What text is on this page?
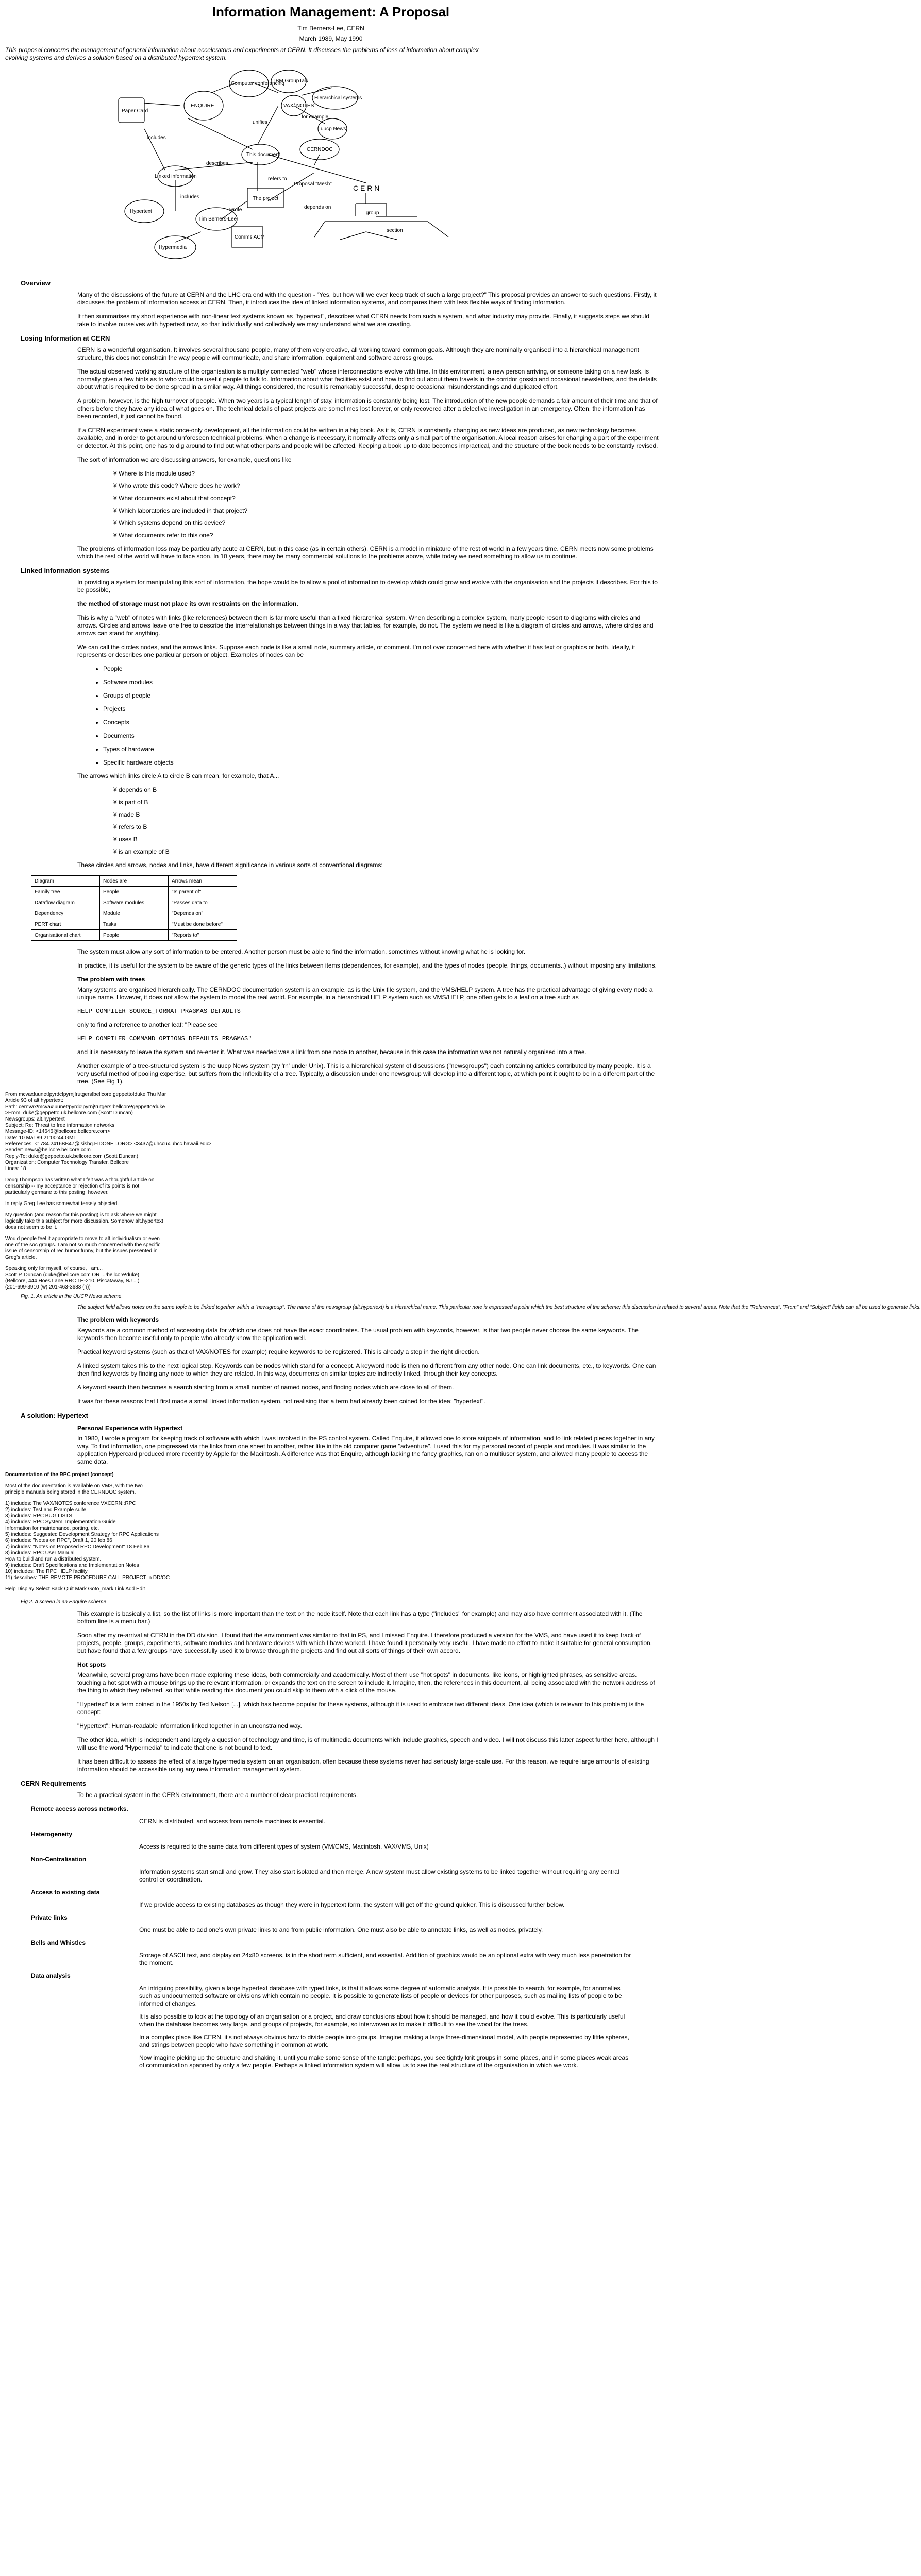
Information Management: A Proposal
Tim Berners-Lee, CERN
March 1989, May 1990
This proposal concerns the management of general information about accelerators and experiments at CERN. It discusses the problems of loss of information about complex
evolving systems and derives a solution based on a distributed hypertext system.
Paper Card
ENQUIRE
Computer conferencing
IBM GroupTalk
Hierarchical systems
VAX/ NOTES
uucp News
This document
Linked information
Hypertext
Tim Berners-Lee
Hypermedia
CERNDOC
The project
Comms ACM
Proposal "Mesh"	C E R N
group
section
unifies
includes
for example
describes
wrote
refers to
depends on
includes
Overview

Many of the discussions of the future at CERN and the LHC era end with the question - "Yes, but how will we ever keep track of such a large project?" This proposal provides an answer to such questions. Firstly, it discusses the problem of information access at CERN. Then, it introduces the idea of linked information systems, and compares them with less flexible ways of finding information.

It then summarises my short experience with non-linear text systems known as "hypertext", describes what CERN needs from such a system, and what industry may provide. Finally, it suggests steps we should take to involve ourselves with hypertext now, so that individually and collectively we may understand what we are creating.

Losing Information at CERN

CERN is a wonderful organisation. It involves several thousand people, many of them very creative, all working toward common goals. Although they are nominally organised into a hierarchical management structure, this does not constrain the way people will communicate, and share information, equipment and software across groups.

The actual observed working structure of the organisation is a multiply connected "web" whose interconnections evolve with time. In this environment, a new person arriving, or someone taking on a new task, is normally given a few hints as to who would be useful people to talk to. Information about what facilities exist and how to find out about them travels in the corridor gossip and occasional newsletters, and the details about what is required to be done spread in a similar way. All things considered, the result is remarkably successful, despite occasional misunderstandings and duplicated effort.

A problem, however, is the high turnover of people. When two years is a typical length of stay, information is constantly being lost. The introduction of the new people demands a fair amount of their time and that of others before they have any idea of what goes on. The technical details of past projects are sometimes lost forever, or only recovered after a detective investigation in an emergency. Often, the information has been recorded, it just cannot be found.

If a CERN experiment were a static once-only development, all the information could be written in a big book. As it is, CERN is constantly changing as new ideas are produced, as new technology becomes available, and in order to get around unforeseen technical problems. When a change is necessary, it normally affects only a small part of the organisation. A local reason arises for changing a part of the experiment or detector. At this point, one has to dig around to find out what other parts and people will be affected. Keeping a book up to date becomes impractical, and the structure of the book needs to be constantly revised.

The sort of information we are discussing answers, for example, questions like

¥ Where is this module used?
¥ Who wrote this code? Where does he work?
¥ What documents exist about that concept?
¥ Which laboratories are included in that project?
¥ Which systems depend on this device?
¥ What documents refer to this one?

The problems of information loss may be particularly acute at CERN, but in this case (as in certain others), CERN is a model in miniature of the rest of world in a few years time. CERN meets now some problems which the rest of the world will have to face soon. In 10 years, there may be many commercial solutions to the problems above, while today we need something to allow us to continue.

Linked information systems

In providing a system for manipulating this sort of information, the hope would be to allow a pool of information to develop which could grow and evolve with the organisation and the projects it describes. For this to be possible,

the method of storage must not place its own restraints on the information.

This is why a "web" of notes with links (like references) between them is far more useful than a fixed hierarchical system. When describing a complex system, many people resort to diagrams with circles and arrows. Circles and arrows leave one free to describe the interrelationships between things in a way that tables, for example, do not. The system we need is like a diagram of circles and arrows, where circles and arrows can stand for anything.

We can call the circles nodes, and the arrows links. Suppose each node is like a small note, summary article, or comment. I'm not over concerned here with whether it has text or graphics or both. Ideally, it represents or describes one particular person or object. Examples of nodes can be

• People
• Software modules
• Groups of people
• Projects
• Concepts
• Documents
• Types of hardware
• Specific hardware objects

The arrows which links circle A to circle B can mean, for example, that A...

¥ depends on B
¥ is part of B
¥ made B
¥ refers to B
¥ uses B
¥ is an example of B

These circles and arrows, nodes and links, have different significance in various sorts of conventional diagrams:

Diagram	Nodes are	Arrows mean
Family tree	People	"Is parent of"
Dataflow diagram	Software modules	"Passes data to"
Dependency	Module	"Depends on"
PERT chart	Tasks	"Must be done before"
Organisational chart	People	"Reports to"

The system must allow any sort of information to be entered. Another person must be able to find the information, sometimes without knowing what he is looking for.

In practice, it is useful for the system to be aware of the generic types of the links between items (dependences, for example), and the types of nodes (people, things, documents..) without imposing any limitations.

The problem with trees

Many systems are organised hierarchically. The CERNDOC documentation system is an example, as is the Unix file system, and the VMS/HELP system. A tree has the practical advantage of giving every node a unique name. However, it does not allow the system to model the real world. For example, in a hierarchical HELP system such as VMS/HELP, one often gets to a leaf on a tree such as

HELP COMPILER SOURCE_FORMAT PRAGMAS DEFAULTS

only to find a reference to another leaf: "Please see

HELP COMPILER COMMAND OPTIONS DEFAULTS PRAGMAS"

and it is necessary to leave the system and re-enter it. What was needed was a link from one node to another, because in this case the information was not naturally organised into a tree.

Another example of a tree-structured system is the uucp News system (try 'rn' under Unix). This is a hierarchical system of discussions ("newsgroups") each containing articles contributed by many people. It is a very useful method of pooling expertise, but suffers from the inflexibility of a tree. Typically, a discussion under one newsgroup will develop into a different topic, at which point it ought to be in a different part of the tree. (See Fig 1).

From mcvax!uunet!pyrdc!pyrnj!rutgers!bellcore!geppetto!duke Thu Mar
Article 93 of alt.hypertext:
Path: cernvax!mcvax!uunet!pyrdc!pyrnj!rutgers!bellcore!geppetto!duke
>From: duke@geppetto.uk.bellcore.com (Scott Duncan)
Newsgroups: alt.hypertext
Subject: Re: Threat to free information networks
Message-ID: <14646@bellcore.bellcore.com>
Date: 10 Mar 89 21:00:44 GMT
References: <1784.2416BB47@isishq.FIDONET.ORG> <3437@uhccux.uhcc.hawaii.edu>
Sender: news@bellcore.bellcore.com
Reply-To: duke@geppetto.uk.bellcore.com (Scott Duncan)
Organization: Computer Technology Transfer, Bellcore
Lines: 18
Doug Thompson has written what I felt was a thoughtful article on
censorship -- my acceptance or rejection of its points is not
particularly germane to this posting, however.
In reply Greg Lee has somewhat tersely objected.
My question (and reason for this posting) is to ask where we might
logically take this subject for more discussion. Somehow alt.hypertext
does not seem to be it.
Would people feel it appropriate to move to alt.individualism or even
one of the soc groups. I am not so much concerned with the specific
issue of censorship of rec.humor.funny, but the issues presented in
Greg's article.
Speaking only for myself, of course, I am...
Scott P. Duncan (duke@bellcore.com OR ...!bellcore!duke)
(Bellcore, 444 Hoes Lane RRC 1H-210, Piscataway, NJ ...)
(201-699-3910 (w) 201-463-3683 (h))
Fig. 1. An article in the UUCP News scheme.
The subject field allows notes on the same topic to be linked together within a "newsgroup". The name of the newsgroup (alt.hypertext) is a hierarchical name. This particular note is expressed a point which the best structure of the scheme; this discussion is related to several areas. Note that the "References", "From" and "Subject" fields can all be used to generate links.
The problem with keywords

Keywords are a common method of accessing data for which one does not have the exact coordinates. The usual problem with keywords, however, is that two people never choose the same keywords. The keywords then become useful only to people who already know the application well.

Practical keyword systems (such as that of VAX/NOTES for example) require keywords to be registered. This is already a step in the right direction.

A linked system takes this to the next logical step. Keywords can be nodes which stand for a concept. A keyword node is then no different from any other node. One can link documents, etc., to keywords. One can then find keywords by finding any node to which they are related. In this way, documents on similar topics are indirectly linked, through their key concepts.

A keyword search then becomes a search starting from a small number of named nodes, and finding nodes which are close to all of them.

It was for these reasons that I first made a small linked information system, not realising that a term had already been coined for the idea: "hypertext".

A solution: Hypertext
Personal Experience with Hypertext

In 1980, I wrote a program for keeping track of software with which I was involved in the PS control system. Called Enquire, it allowed one to store snippets of information, and to link related pieces together in any way. To find information, one progressed via the links from one sheet to another, rather like in the old computer game "adventure". I used this for my personal record of people and modules. It was similar to the application Hypercard produced more recently by Apple for the Macintosh. A difference was that Enquire, although lacking the fancy graphics, ran on a multiuser system, and allowed many people to access the same data.

Documentation of the RPC project (concept)
Most of the documentation is available on VMS, with the two
principle manuals being stored in the CERNDOC system.
1) includes: The VAX/NOTES conference VXCERN::RPC
2) includes: Test and Example suite
3) includes: RPC BUG LISTS
4) includes: RPC System: Implementation Guide
Information for maintenance, porting, etc.
5) includes: Suggested Development Strategy for RPC Applications
6) includes: "Notes on RPC", Draft 1, 20 feb 86
7) includes: "Notes on Proposed RPC Development" 18 Feb 86
8) includes: RPC User Manual
How to build and run a distributed system.
9) includes: Draft Specifications and Implementation Notes
10) includes: The RPC HELP facility
11) describes: THE REMOTE PROCEDURE CALL PROJECT in DD/OC
Help Display Select Back Quit Mark Goto_mark Link Add Edit
Fig 2. A screen in an Enquire scheme

This example is basically a list, so the list of links is more important than the text on the node itself. Note that each link has a type ("includes" for example) and may also have comment associated with it. (The bottom line is a menu bar.)

Soon after my re-arrival at CERN in the DD division, I found that the environment was similar to that in PS, and I missed Enquire. I therefore produced a version for the VMS, and have used it to keep track of projects, people, groups, experiments, software modules and hardware devices with which I have worked. I have found it personally very useful. I have made no effort to make it suitable for general consumption, but have found that a few groups have successfully used it to browse through the projects and find out all sorts of things of their own accord.

Hot spots

Meanwhile, several programs have been made exploring these ideas, both commercially and academically. Most of them use "hot spots" in documents, like icons, or highlighted phrases, as sensitive areas. touching a hot spot with a mouse brings up the relevant information, or expands the text on the screen to include it. Imagine, then, the references in this document, all being associated with the network address of the thing to which they referred, so that while reading this document you could skip to them with a click of the mouse.

"Hypertext" is a term coined in the 1950s by Ted Nelson [...], which has become popular for these systems, although it is used to embrace two different ideas. One idea (which is relevant to this problem) is the concept:

"Hypertext": Human-readable information linked together in an unconstrained way.

The other idea, which is independent and largely a question of technology and time, is of multimedia documents which include graphics, speech and video. I will not discuss this latter aspect further here, although I will use the word "Hypermedia" to indicate that one is not bound to text.

It has been difficult to assess the effect of a large hypermedia system on an organisation, often because these systems never had seriously large-scale use. For this reason, we require large amounts of existing information should be accessible using any new information management system.

CERN Requirements

To be a practical system in the CERN environment, there are a number of clear practical requirements.

Remote access across networks.
CERN is distributed, and access from remote machines is essential.
Heterogeneity
Access is required to the same data from different types of system (VM/CMS, Macintosh, VAX/VMS, Unix)
Non-Centralisation
Information systems start small and grow. They also start isolated and then merge. A new system must allow existing systems to be linked together without requiring any central control or coordination.
Access to existing data
If we provide access to existing databases as though they were in hypertext form, the system will get off the ground quicker. This is discussed further below.
Private links
One must be able to add one's own private links to and from public information. One must also be able to annotate links, as well as nodes, privately.
Bells and Whistles
Storage of ASCII text, and display on 24x80 screens, is in the short term sufficient, and essential. Addition of graphics would be an optional extra with very much less penetration for the moment.
Data analysis
An intriguing possibility, given a large hypertext database with typed links, is that it allows some degree of automatic analysis. It is possible to search, for example, for anomalies such as undocumented software or divisions which contain no people. It is possible to generate lists of people or devices for other purposes, such as mailing lists of people to be informed of changes.
It is also possible to look at the topology of an organisation or a project, and draw conclusions about how it should be managed, and how it could evolve. This is particularly useful when the database becomes very large, and groups of projects, for example, so interwoven as to make it difficult to see the wood for the trees.
In a complex place like CERN, it's not always obvious how to divide people into groups. Imagine making a large three-dimensional model, with people represented by little spheres, and strings between people who have something in common at work.
Now imagine picking up the structure and shaking it, until you make some sense of the tangle: perhaps, you see tightly knit groups in some places, and in some places weak areas of communication spanned by only a few people. Perhaps a linked information system will allow us to see the real structure of the organisation in which we work.
